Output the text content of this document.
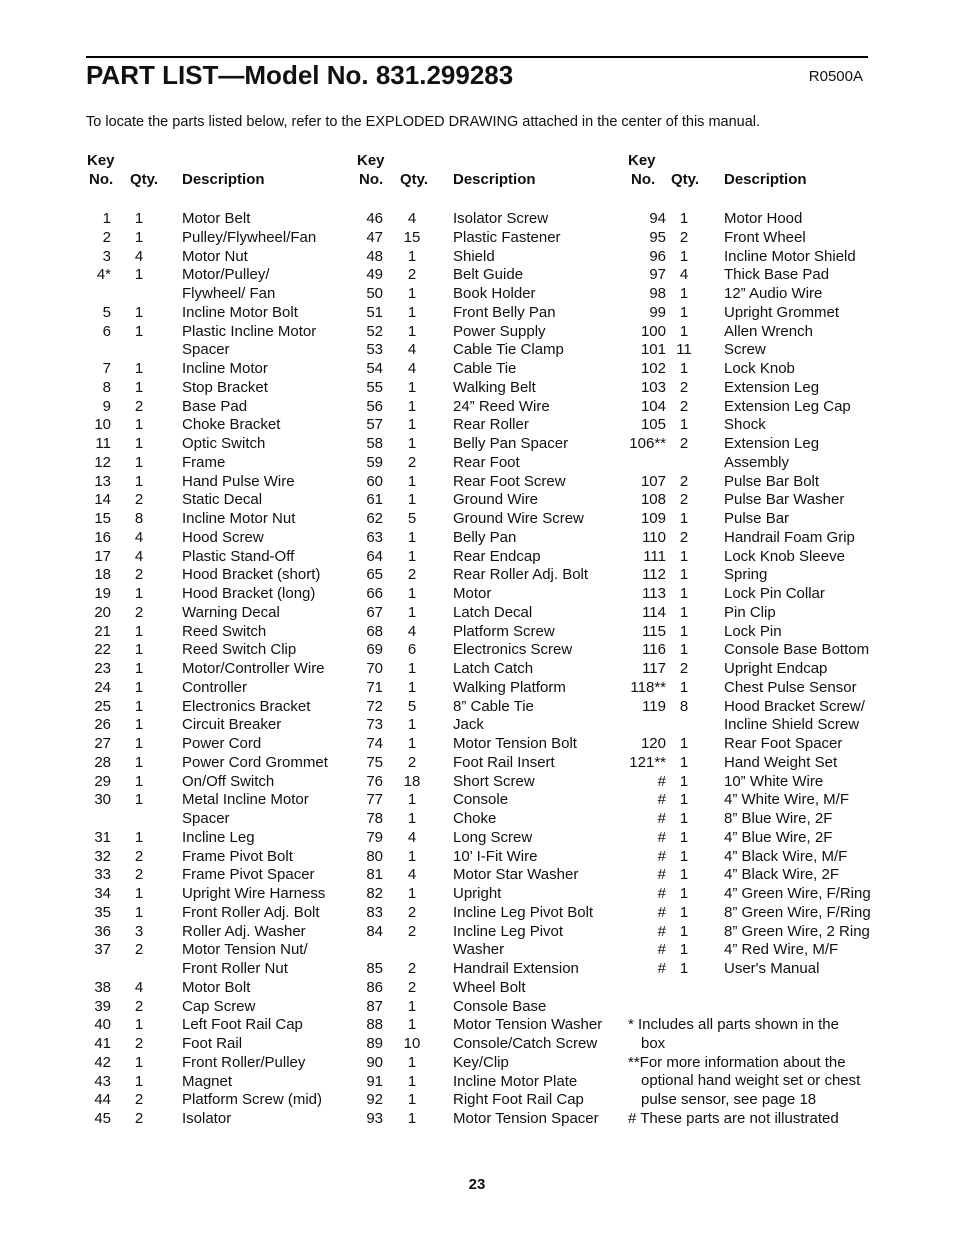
PART LIST—Model No. 831.299283	R0500A
To locate the parts listed below, refer to the EXPLODED DRAWING attached in the center of this manual.
Key
No. Qty. Description
1	1	Motor Belt
2	1	Pulley/Flywheel/Fan
3	4	Motor Nut
4*	1	Motor/Pulley/
Flywheel/ Fan
5	1	Incline Motor Bolt
6	1	Plastic Incline Motor
Spacer
7	1	Incline Motor
8	1	Stop Bracket
9	2	Base Pad
10	1	Choke Bracket
11	1	Optic Switch
12	1	Frame
13	1	Hand Pulse Wire
14	2	Static Decal
15	8	Incline Motor Nut
16	4	Hood Screw
17	4	Plastic Stand-Off
18	2	Hood Bracket (short)
19	1	Hood Bracket (long)
20	2	Warning Decal
21	1	Reed Switch
22	1	Reed Switch Clip
23	1	Motor/Controller Wire
24	1	Controller
25	1	Electronics Bracket
26	1	Circuit Breaker
27	1	Power Cord
28	1	Power Cord Grommet
29	1	On/Off Switch
30	1	Metal Incline Motor
Spacer
31	1	Incline Leg
32	2	Frame Pivot Bolt
33	2	Frame Pivot Spacer
34	1	Upright Wire Harness
35	1	Front Roller Adj. Bolt
36	3	Roller Adj. Washer
37	2	Motor Tension Nut/
Front Roller Nut
38	4	Motor Bolt
39	2	Cap Screw
40	1	Left Foot Rail Cap
41	2	Foot Rail
42	1	Front Roller/Pulley
43	1	Magnet
44	2	Platform Screw (mid)
45	2	Isolator
Key
No. Qty. Description
46	4	Isolator Screw
47 15 Plastic Fastener
48	1	Shield
49	2	Belt Guide
50	1	Book Holder
51	1	Front Belly Pan
52	1	Power Supply
53	4	Cable Tie Clamp
54	4	Cable Tie
55	1	Walking Belt
56	1	24” Reed Wire
57	1	Rear Roller
58	1	Belly Pan Spacer
59	2	Rear Foot
60	1	Rear Foot Screw
61	1	Ground Wire
62	5	Ground Wire Screw
63	1	Belly Pan
64	1	Rear Endcap
65	2	Rear Roller Adj. Bolt
66	1	Motor
67	1	Latch Decal
68	4	Platform Screw
69	6	Electronics Screw
70	1	Latch Catch
71	1	Walking Platform
72	5	8” Cable Tie
73	1	Jack
74	1	Motor Tension Bolt
75	2	Foot Rail Insert
76 18 Short Screw
77	1	Console
78	1	Choke
79	4	Long Screw
80	1	10’ I-Fit Wire
81	4	Motor Star Washer
82	1	Upright
83	2	Incline Leg Pivot Bolt
84	2	Incline Leg Pivot
Washer
85	2	Handrail Extension
86	2	Wheel Bolt
87	1	Console Base
88	1	Motor Tension Washer
89 10 Console/Catch Screw
90	1	Key/Clip
91	1	Incline Motor Plate
92	1	Right Foot Rail Cap
93	1	Motor Tension Spacer
Key
No. Qty. Description
94 1	Motor Hood
95 2	Front Wheel
96 1	Incline Motor Shield
97 4	Thick Base Pad
98 1	12” Audio Wire
99 1	Upright Grommet
100 1	Allen Wrench
101 11 Screw
102 1	Lock Knob
103 2	Extension Leg
104 2	Extension Leg Cap
105 1	Shock
106** 2	Extension Leg
Assembly
107 2	Pulse Bar Bolt
108 2	Pulse Bar Washer
109 1	Pulse Bar
110 2	Handrail Foam Grip
111 1	Lock Knob Sleeve
112 1	Spring
113 1	Lock Pin Collar
114 1	Pin Clip
115 1	Lock Pin
116 1	Console Base Bottom
117 2	Upright Endcap
118** 1	Chest Pulse Sensor
119 8	Hood Bracket Screw/
Incline Shield Screw
120 1	Rear Foot Spacer
121** 1	Hand Weight Set
# 1	10” White Wire
# 1	4” White Wire, M/F
# 1	8” Blue Wire, 2F
# 1	4” Blue Wire, 2F
# 1	4” Black Wire, M/F
# 1	4” Black Wire, 2F
# 1	4” Green Wire, F/Ring
# 1	8” Green Wire, F/Ring
# 1	8” Green Wire, 2 Ring
# 1	4” Red Wire, M/F
# 1	User's Manual
* Includes all parts shown in the
box
**For more information about the
optional hand weight set or chest
pulse sensor, see page 18
# These parts are not illustrated
23
